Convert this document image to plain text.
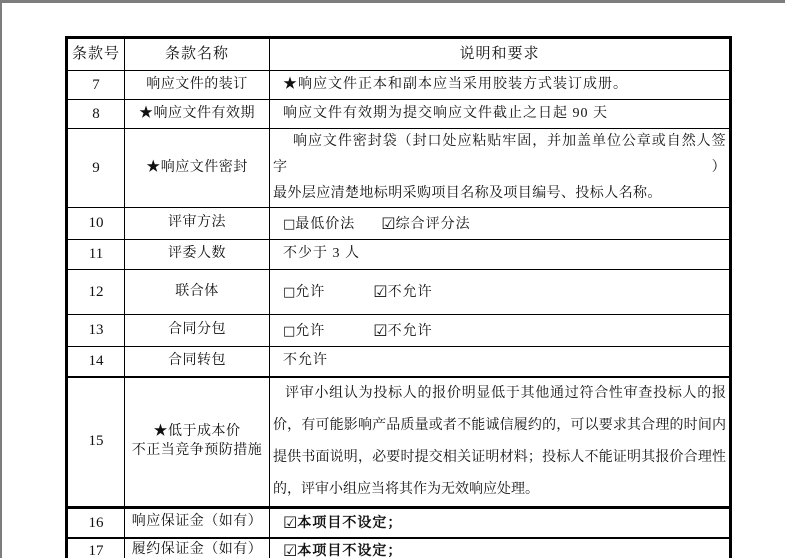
条款号	条款名称	说明和要求
7	响应文件的装订	★响应文件正本和副本应当采用胶装方式装订成册。
8	★响应文件有效期	响应文件有效期为提交响应文件截止之日起 90 天
9	★响应文件密封	响应文件密封袋（封口处应粘贴牢固，并加盖单位公章或自然人签字）
最外层应清楚地标明采购项目名称及项目编号、投标人名称。

10	评审方法	□最低价法 ☑综合评分法
11	评委人数	不少于 3 人
12	联合体	□允许 ☑不允许
13	合同分包	□允许 ☑不允许
14	合同转包	不允许
15	★低于成本价
不正当竞争预防措施	评审小组认为投标人的报价明显低于其他通过符合性审查投标人的报
价，有可能影响产品质量或者不能诚信履约的，可以要求其合理的时间内
提供书面说明，必要时提交相关证明材料；投标人不能证明其报价合理性
的，评审小组应当将其作为无效响应处理。

16	响应保证金（如有）	☑本项目不设定；
17	履约保证金（如有）	☑本项目不设定；
